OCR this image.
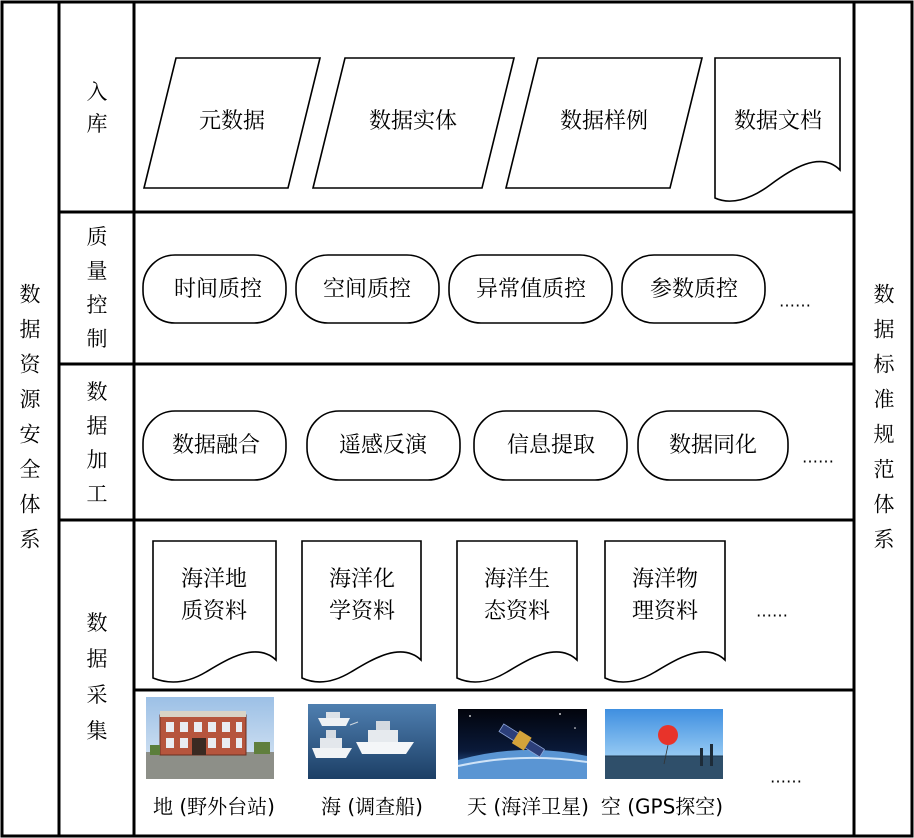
数据资源安全体系
数据标准规范体系
入库
质量控制
数据加工
数据采集
元数据	数据实体	数据样例	数据文档
时间质控	空间质控	异常值质控	参数质控	……
数据融合	遥感反演	信息提取	数据同化	……
海洋地
质资料
海洋化
学资料
海洋生
态资料
海洋物
理资料	……
地 (野外台站) 海 (调查船) 天 (海洋卫星) 空 (GPS探空)
……
